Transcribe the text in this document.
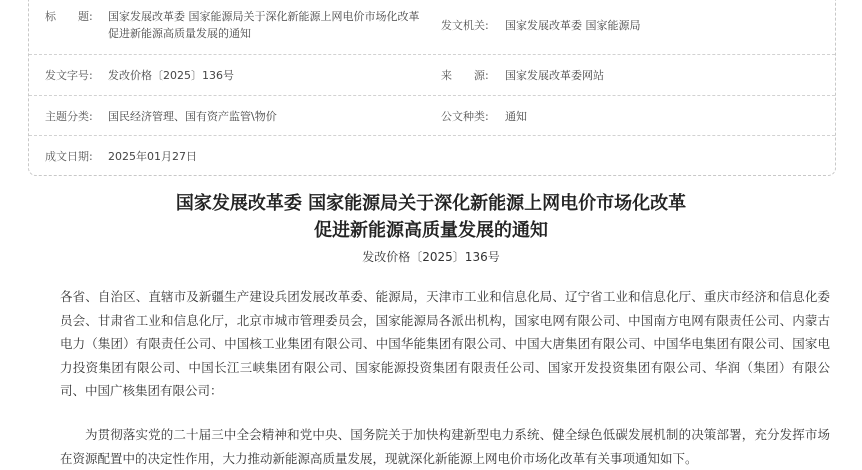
标　　题: 国家发展改革委 国家能源局关于深化新能源上网电价市场化改革
促进新能源高质量发展的通知
发文机关: 国家发展改革委 国家能源局
发文字号: 发改价格〔2025〕136号	来　　源: 国家发展改革委网站
主题分类: 国民经济管理、国有资产监管\物价	公文种类: 通知
成文日期: 2025年01月27日
国家发展改革委 国家能源局关于深化新能源上网电价市场化改革
促进新能源高质量发展的通知
发改价格〔2025〕136号

各省、自治区、直辖市及新疆生产建设兵团发展改革委、能源局，天津市工业和信息化局、辽宁省工业和信息化厅、重庆市经济和信息化委员会、甘肃省工业和信息化厅，北京市城市管理委员会，国家能源局各派出机构，国家电网有限公司、中国南方电网有限责任公司、内蒙古电力（集团）有限责任公司、中国核工业集团有限公司、中国华能集团有限公司、中国大唐集团有限公司、中国华电集团有限公司、国家电力投资集团有限公司、中国长江三峡集团有限公司、国家能源投资集团有限责任公司、国家开发投资集团有限公司、华润（集团）有限公司、中国广核集团有限公司：

为贯彻落实党的二十届三中全会精神和党中央、国务院关于加快构建新型电力系统、健全绿色低碳发展机制的决策部署，充分发挥市场在资源配置中的决定性作用，大力推动新能源高质量发展，现就深化新能源上网电价市场化改革有关事项通知如下。
